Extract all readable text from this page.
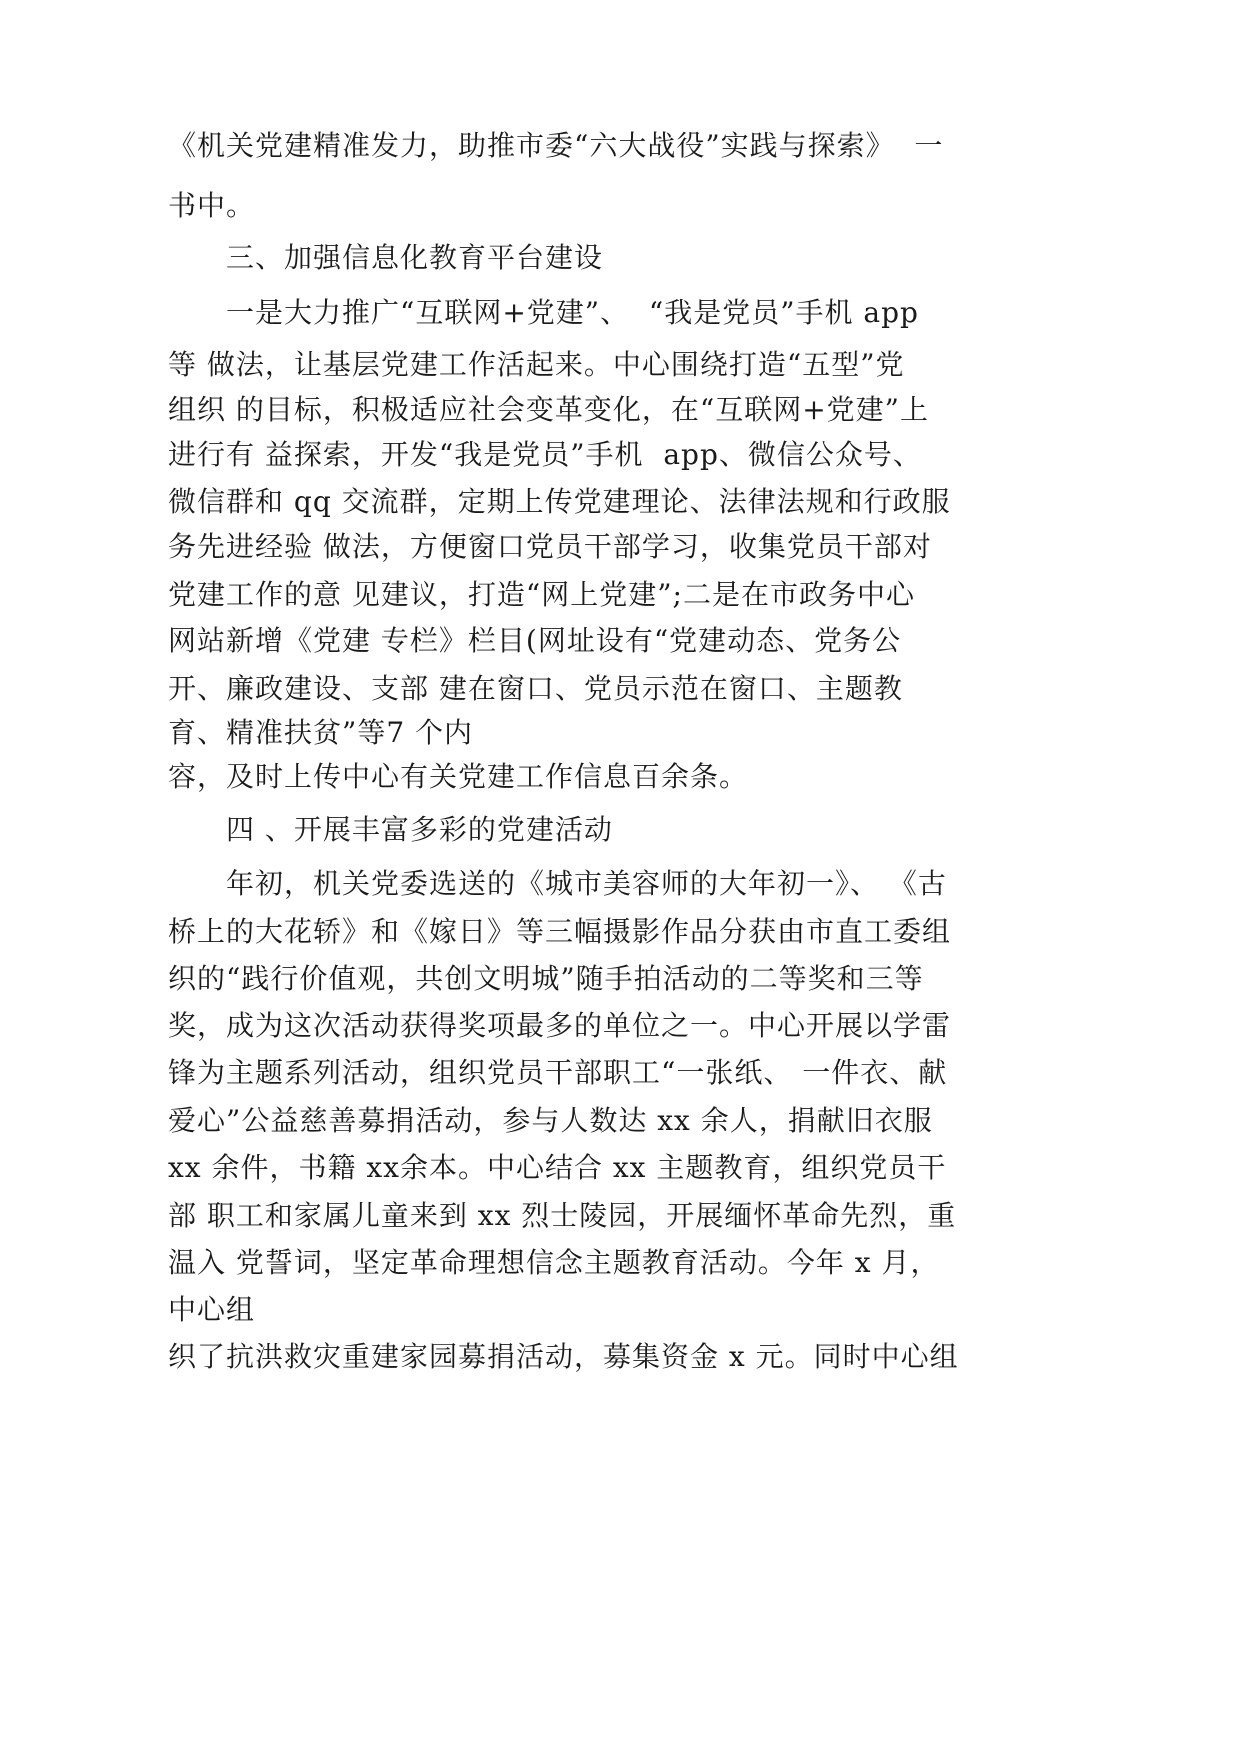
《机关党建精准发力，助推市委“六大战役”实践与探索》  一
书中。
三、加强信息化教育平台建设
一是大力推广“互联网+党建”、  “我是党员”手机 app
等 做法，让基层党建工作活起来。中心围绕打造“五型”党
组织 的目标，积极适应社会变革变化，在“互联网+党建”上
进行有 益探索，开发“我是党员”手机  app、微信公众号、
微信群和 qq 交流群，定期上传党建理论、法律法规和行政服
务先进经验 做法，方便窗口党员干部学习，收集党员干部对
党建工作的意 见建议，打造“网上党建”;二是在市政务中心
网站新增《党建 专栏》栏目(网址设有“党建动态、党务公
开、廉政建设、支部 建在窗口、党员示范在窗口、主题教
育、精准扶贫”等7 个内
容，及时上传中心有关党建工作信息百余条。
四 、开展丰富多彩的党建活动
年初，机关党委选送的《城市美容师的大年初一》、 《古
桥上的大花轿》和《嫁日》等三幅摄影作品分获由市直工委组
织的“践行价值观，共创文明城”随手拍活动的二等奖和三等
奖，成为这次活动获得奖项最多的单位之一。中心开展以学雷
锋为主题系列活动，组织党员干部职工“一张纸、 一件衣、献
爱心”公益慈善募捐活动，参与人数达 xx 余人，捐献旧衣服
xx 余件，书籍 xx余本。中心结合 xx 主题教育，组织党员干
部 职工和家属儿童来到 xx 烈士陵园，开展缅怀革命先烈，重
温入 党誓词，坚定革命理想信念主题教育活动。今年 x 月，
中心组
织了抗洪救灾重建家园募捐活动，募集资金 x 元。同时中心组
